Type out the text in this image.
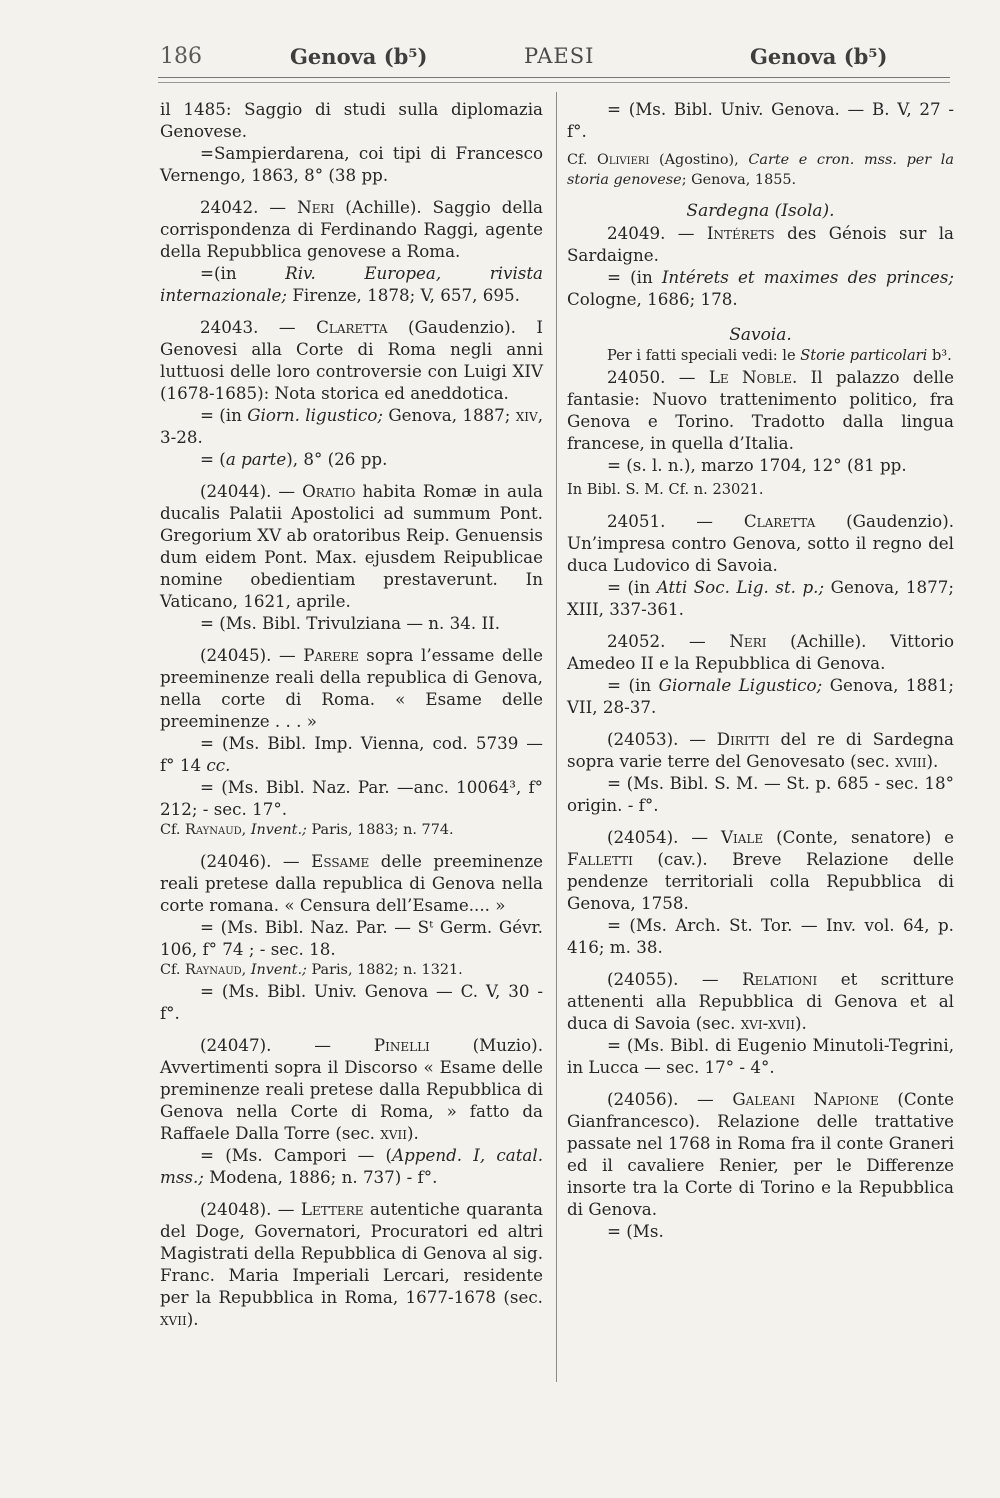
186	Genova (b⁵)	PAESI	Genova (b⁵)

il 1485: Saggio di studi sulla diplomazia Genovese.

=Sampierdarena, coi tipi di Francesco Vernengo, 1863, 8° (38 pp.

24042. — Neri (Achille). Saggio della corrispondenza di Ferdinando Raggi, agente della Repubblica genovese a Roma.

=(in Riv. Europea, rivista internazionale; Firenze, 1878; V, 657, 695.

24043. — Claretta (Gaudenzio). I Genovesi alla Corte di Roma negli anni luttuosi delle loro controversie con Luigi XIV (1678-1685): Nota storica ed aneddotica.

= (in Giorn. ligustico; Genova, 1887; xiv, 3-28.

= (a parte), 8° (26 pp.

(24044). — Oratio habita Romæ in aula ducalis Palatii Apostolici ad summum Pont. Gregorium XV ab oratoribus Reip. Genuensis dum eidem Pont. Max. ejusdem Reipublicae nomine obedientiam prestaverunt. In Vaticano, 1621, aprile.

= (Ms. Bibl. Trivulziana — n. 34. II.

(24045). — Parere sopra l’essame delle preeminenze reali della republica di Genova, nella corte di Roma. « Esame delle preeminenze . . . »

= (Ms. Bibl. Imp. Vienna, cod. 5739 — f° 14 cc.

= (Ms. Bibl. Naz. Par. —anc. 10064³, f° 212; - sec. 17°.

Cf. Raynaud, Invent.; Paris, 1883; n. 774.

(24046). — Essame delle preeminenze reali pretese dalla republica di Genova nella corte romana. « Censura dell’Esame.... »

= (Ms. Bibl. Naz. Par. — Sᵗ Germ. Gévr. 106, f° 74 ; - sec. 18.

Cf. Raynaud, Invent.; Paris, 1882; n. 1321.

= (Ms. Bibl. Univ. Genova — C. V, 30 - f°.

(24047). — Pinelli (Muzio). Avvertimenti sopra il Discorso « Esame delle preminenze reali pretese dalla Repubblica di Genova nella Corte di Roma, » fatto da Raffaele Dalla Torre (sec. xvii).

= (Ms. Campori — (Append. I, catal. mss.; Modena, 1886; n. 737) - f°.

(24048). — Lettere autentiche quaranta del Doge, Governatori, Procuratori ed altri Magistrati della Repubblica di Genova al sig. Franc. Maria Imperiali Lercari, residente per la Repubblica in Roma, 1677-1678 (sec. xvii).

= (Ms. Bibl. Univ. Genova. — B. V, 27 - f°.

Cf. Olivieri (Agostino), Carte e cron. mss. per la storia genovese; Genova, 1855.

Sardegna (Isola).

24049. — Intérets des Génois sur la Sardaigne.

= (in Intérets et maximes des princes; Cologne, 1686; 178.

Savoia.

Per i fatti speciali vedi: le Storie particolari b³.

24050. — Le Noble. Il palazzo delle fantasie: Nuovo trattenimento politico, fra Genova e Torino. Tradotto dalla lingua francese, in quella d’Italia.

= (s. l. n.), marzo 1704, 12° (81 pp.

In Bibl. S. M. Cf. n. 23021.

24051. — Claretta (Gaudenzio). Un’impresa contro Genova, sotto il regno del duca Ludovico di Savoia.

= (in Atti Soc. Lig. st. p.; Genova, 1877; XIII, 337-361.

24052. — Neri (Achille). Vittorio Amedeo II e la Repubblica di Genova.

= (in Giornale Ligustico; Genova, 1881; VII, 28-37.

(24053). — Diritti del re di Sardegna sopra varie terre del Genovesato (sec. xviii).

= (Ms. Bibl. S. M. — St. p. 685 - sec. 18° origin. - f°.

(24054). — Viale (Conte, senatore) e Falletti (cav.). Breve Relazione delle pendenze territoriali colla Repubblica di Genova, 1758.

= (Ms. Arch. St. Tor. — Inv. vol. 64, p. 416; m. 38.

(24055). — Relationi et scritture attenenti alla Repubblica di Genova et al duca di Savoia (sec. xvi-xvii).

= (Ms. Bibl. di Eugenio Minutoli-Tegrini, in Lucca — sec. 17° - 4°.

(24056). — Galeani Napione (Conte Gianfrancesco). Relazione delle trattative passate nel 1768 in Roma fra il conte Graneri ed il cavaliere Renier, per le Differenze insorte tra la Corte di Torino e la Repubblica di Genova.

= (Ms.
